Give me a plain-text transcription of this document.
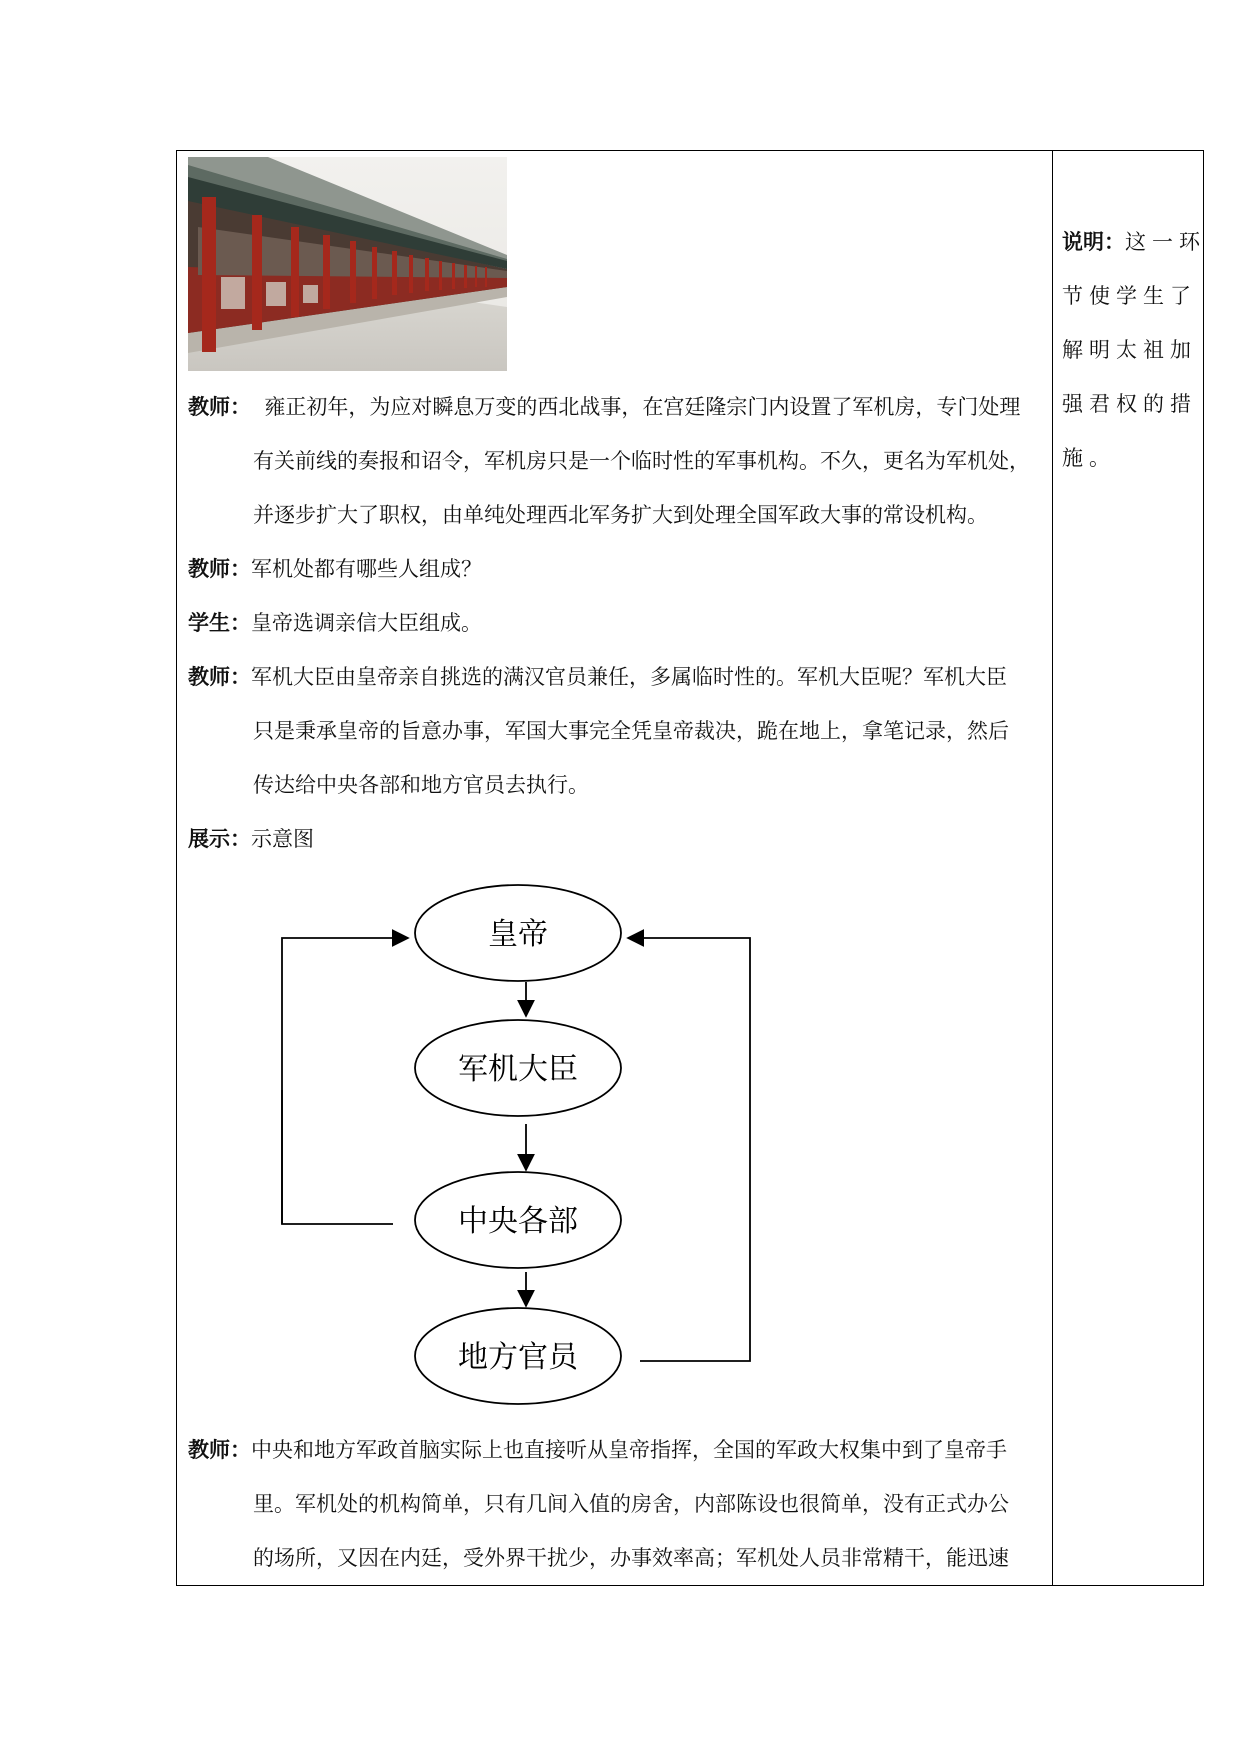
教师： 雍正初年，为应对瞬息万变的西北战事，在宫廷隆宗门内设置了军机房，专门处理
有关前线的奏报和诏令，军机房只是一个临时性的军事机构。不久，更名为军机处，
并逐步扩大了职权，由单纯处理西北军务扩大到处理全国军政大事的常设机构。
教师：军机处都有哪些人组成？
学生：皇帝选调亲信大臣组成。
教师：军机大臣由皇帝亲自挑选的满汉官员兼任，多属临时性的。军机大臣呢？军机大臣
只是秉承皇帝的旨意办事，军国大事完全凭皇帝裁决，跪在地上，拿笔记录，然后
传达给中央各部和地方官员去执行。
展示：示意图
皇帝
军机大臣
中央各部
地方官员
教师：中央和地方军政首脑实际上也直接听从皇帝指挥，全国的军政大权集中到了皇帝手
里。军机处的机构简单，只有几间入值的房舍，内部陈设也很简单，没有正式办公
的场所，又因在内廷，受外界干扰少，办事效率高；军机处人员非常精干，能迅速
说明：这一环
节使学生了
解明太祖加
强君权的措
施。
